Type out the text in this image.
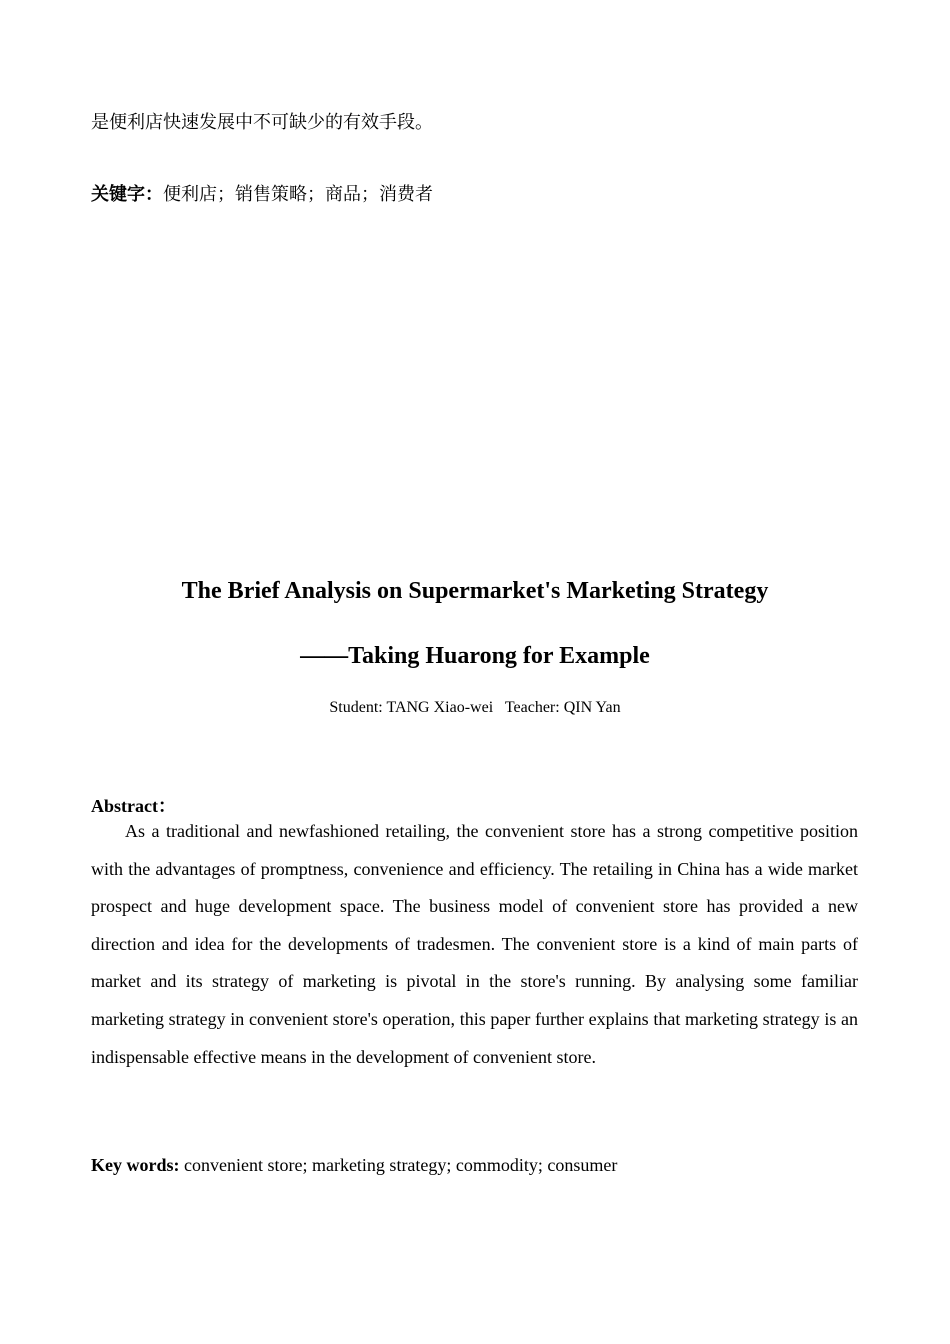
是便利店快速发展中不可缺少的有效手段。
关键字：便利店；销售策略；商品；消费者
The Brief Analysis on Supermarket's Marketing Strategy
——Taking Huarong for Example
Student: TANG Xiao-wei Teacher: QIN Yan
Abstract：

As a traditional and newfashioned retailing, the convenient store has a strong competitive position with the advantages of promptness, convenience and efficiency. The retailing in China has a wide market prospect and huge development space. The business model of convenient store has provided a new direction and idea for the developments of tradesmen. The convenient store is a kind of main parts of market and its strategy of marketing is pivotal in the store's running. By analysing some familiar marketing strategy in convenient store's operation, this paper further explains that marketing strategy is an indispensable effective means in the development of convenient store.

Key words: convenient store; marketing strategy; commodity; consumer
